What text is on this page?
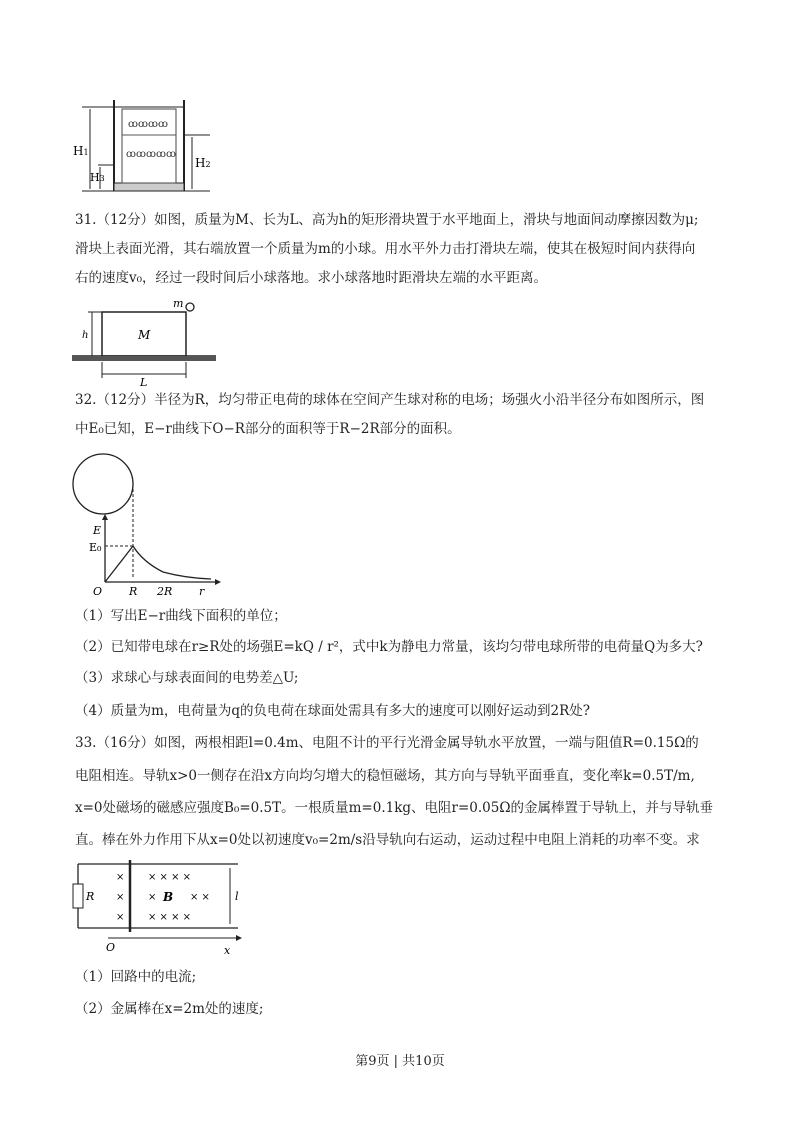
ꝏꝏꝏꝏ
ꝏꝏꝏꝏꝏ
H1
H3
H2
31.（12分）如图，质量为M、长为L、高为h的矩形滑块置于水平地面上，滑块与地面间动摩擦因数为μ;
滑块上表面光滑，其右端放置一个质量为m的小球。用水平外力击打滑块左端，使其在极短时间内获得向
右的速度v₀，经过一段时间后小球落地。求小球落地时距滑块左端的水平距离。
m
M
h
L
32.（12分）半径为R，均匀带正电荷的球体在空间产生球对称的电场；场强火小沿半径分布如图所示，图
中E₀已知，E−r曲线下O−R部分的面积等于R−2R部分的面积。
E
E₀
O R 2R r
（1）写出E−r曲线下面积的单位；
（2）已知带电球在r≥R处的场强E=kQ / r²，式中k为静电力常量，该均匀带电球所带的电荷量Q为多大?
（3）求球心与球表面间的电势差△U;
（4）质量为m，电荷量为q的负电荷在球面处需具有多大的速度可以刚好运动到2R处?
33.（16分）如图，两根相距l=0.4m、电阻不计的平行光滑金属导轨水平放置，一端与阻值R=0.15Ω的
电阻相连。导轨x>0一侧存在沿x方向均匀增大的稳恒磁场，其方向与导轨平面垂直，变化率k=0.5T/m,
x=0处磁场的磁感应强度B₀=0.5T。一根质量m=0.1kg、电阻r=0.05Ω的金属棒置于导轨上，并与导轨垂
直。棒在外力作用下从x=0处以初速度v₀=2m/s沿导轨向右运动，运动过程中电阻上消耗的功率不变。求
×
×
×
× × × ×
× × × ×
×	× ×
R	B	l
O	x
（1）回路中的电流;
（2）金属棒在x=2m处的速度;
第9页 | 共10页
